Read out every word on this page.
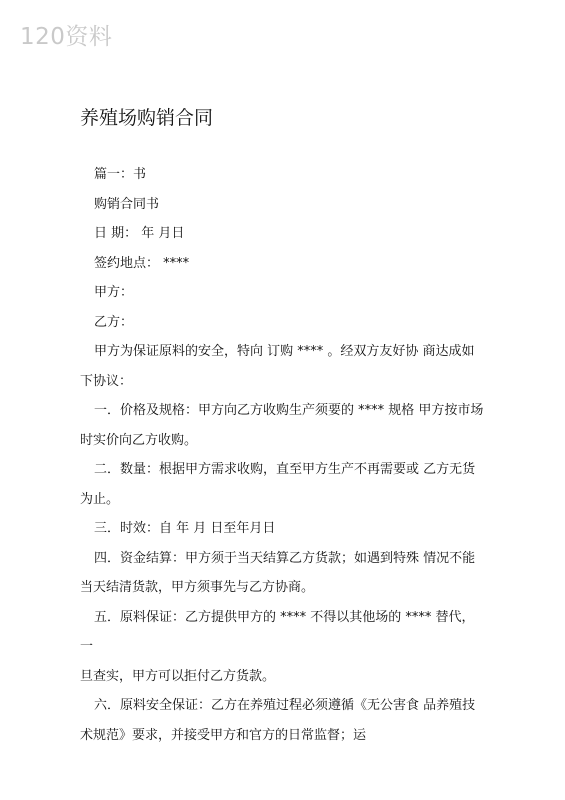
120资料
养殖场购销合同

篇一：书

购销合同书

日 期： 年 月日

签约地点： ****

甲方：

乙方：

甲方为保证原料的安全，特向 订购 **** 。经双方友好协 商达成如
下协议：

一．价格及规格：甲方向乙方收购生产须要的 **** 规格 甲方按市场
时实价向乙方收购。

二．数量：根据甲方需求收购，直至甲方生产不再需要或 乙方无货
为止。

三．时效：自 年 月 日至年月日

四．资金结算：甲方须于当天结算乙方货款；如遇到特殊 情况不能
当天结清货款，甲方须事先与乙方协商。

五．原料保证：乙方提供甲方的 **** 不得以其他场的 **** 替代，一
旦查实，甲方可以拒付乙方货款。

六．原料安全保证：乙方在养殖过程必须遵循《无公害食 品养殖技
术规范》要求，并接受甲方和官方的日常监督；运
